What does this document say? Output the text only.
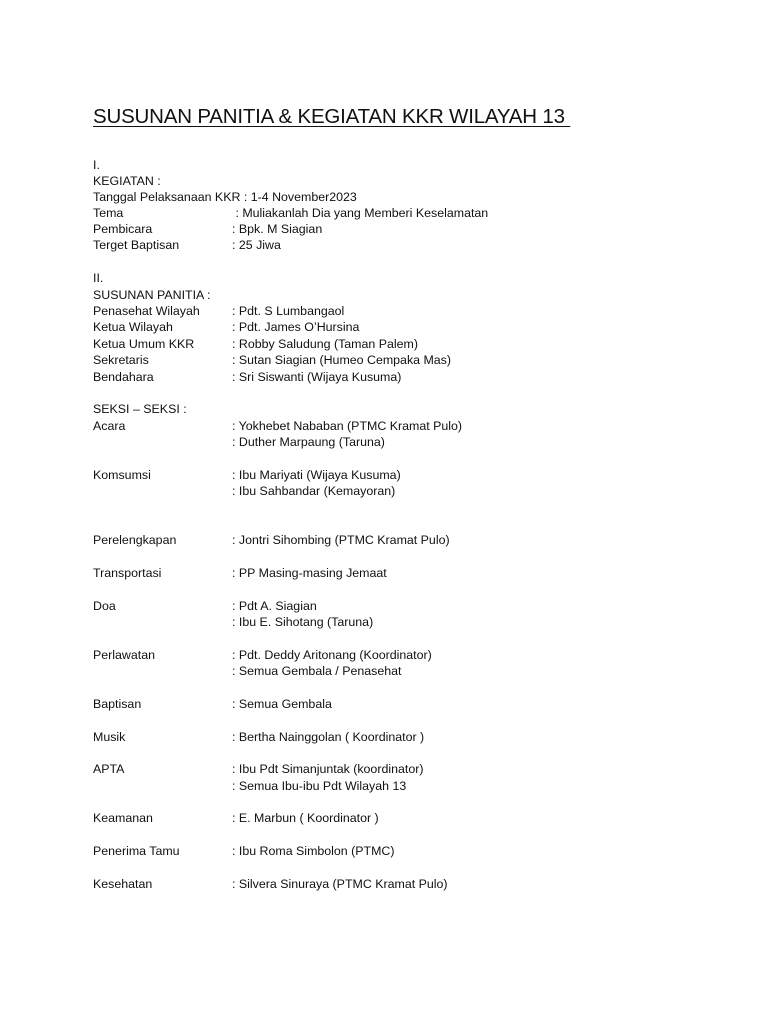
SUSUNAN PANITIA & KEGIATAN KKR WILAYAH 13
I.
KEGIATAN :
Tanggal Pelaksanaan KKR : 1-4 November2023
Tema	: Muliakanlah Dia yang Memberi Keselamatan
Pembicara	: Bpk. M Siagian
Terget Baptisan	: 25 Jiwa
II.
SUSUNAN PANITIA :
Penasehat Wilayah	: Pdt. S Lumbangaol
Ketua Wilayah	: Pdt. James O’Hursina
Ketua Umum KKR	: Robby Saludung (Taman Palem)
Sekretaris	: Sutan Siagian (Humeo Cempaka Mas)
Bendahara	: Sri Siswanti (Wijaya Kusuma)
SEKSI – SEKSI :
Acara	: Yokhebet Nababan (PTMC Kramat Pulo)
: Duther Marpaung (Taruna)
Komsumsi	: Ibu Mariyati (Wijaya Kusuma)
: Ibu Sahbandar (Kemayoran)
Perelengkapan	: Jontri Sihombing (PTMC Kramat Pulo)
Transportasi	: PP Masing-masing Jemaat
Doa	: Pdt A. Siagian
: Ibu E. Sihotang (Taruna)
Perlawatan	: Pdt. Deddy Aritonang (Koordinator)
: Semua Gembala / Penasehat
Baptisan	: Semua Gembala
Musik	: Bertha Nainggolan ( Koordinator )
APTA	: Ibu Pdt Simanjuntak (koordinator)
: Semua Ibu-ibu Pdt Wilayah 13
Keamanan	: E. Marbun ( Koordinator )
Penerima Tamu	: Ibu Roma Simbolon (PTMC)
Kesehatan	: Silvera Sinuraya (PTMC Kramat Pulo)
